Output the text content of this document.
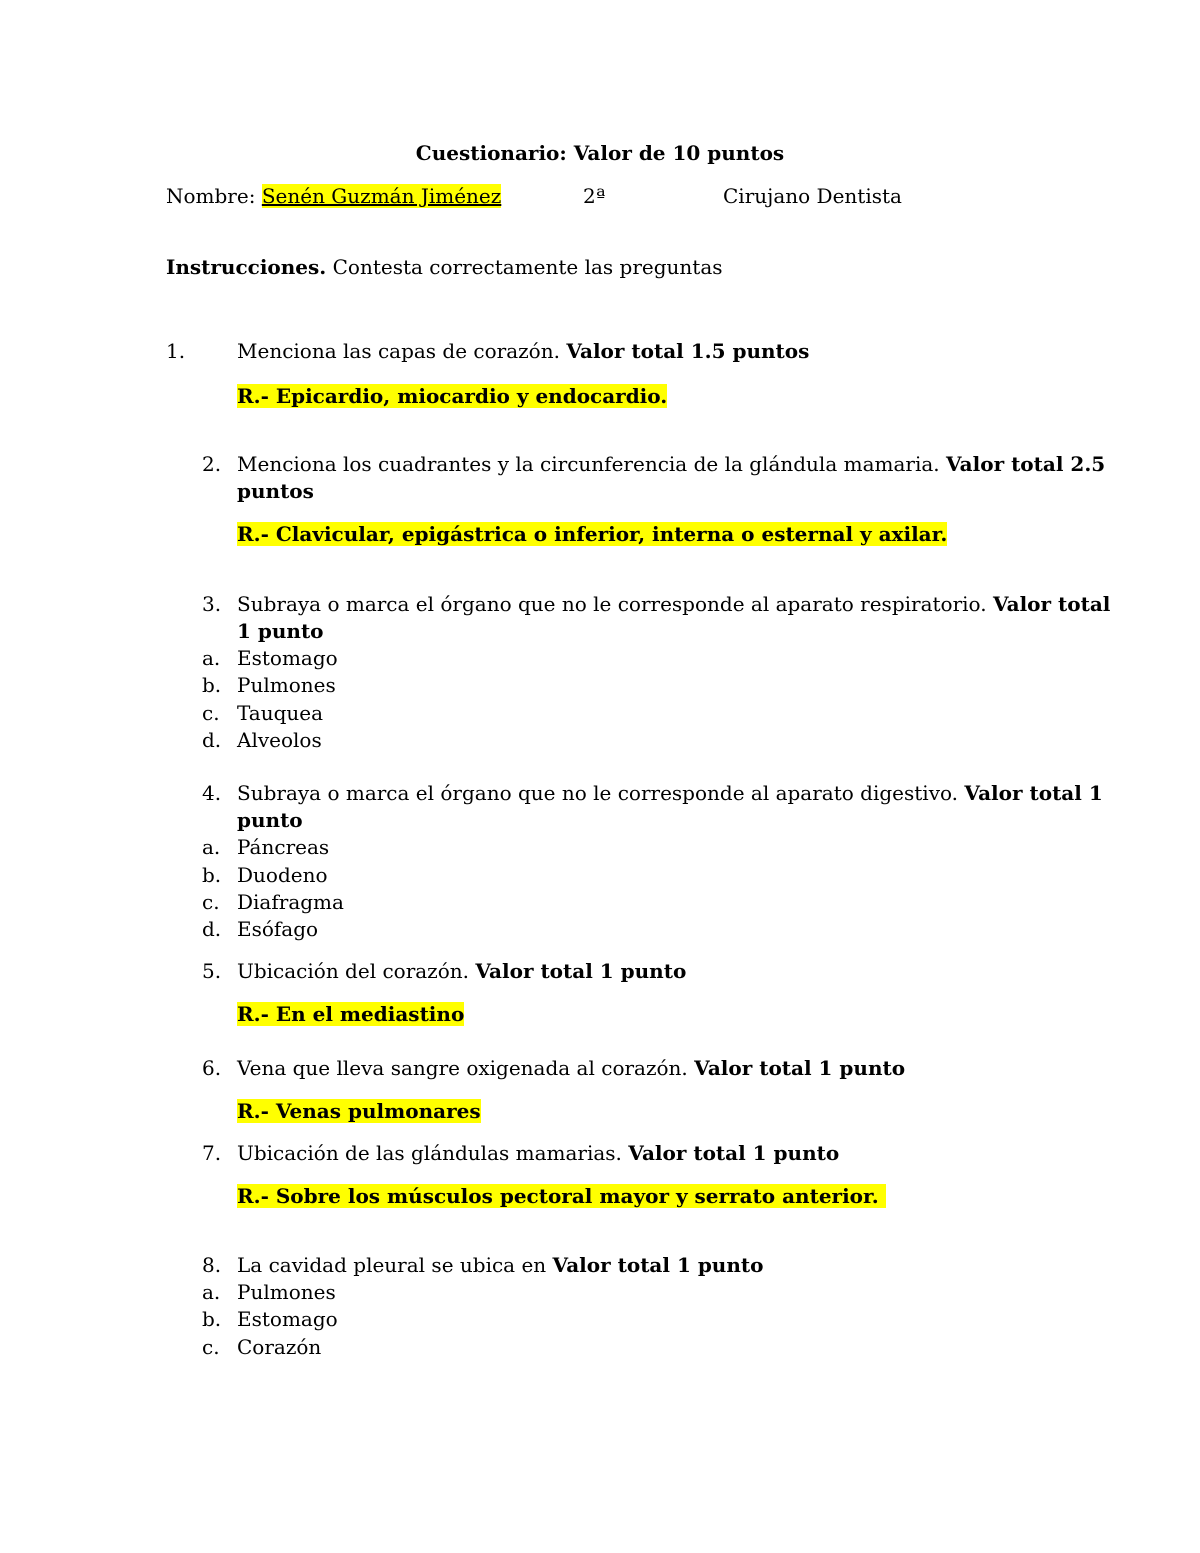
Cuestionario: Valor de 10 puntos
Nombre: Senén Guzmán Jiménez	2ª	Cirujano Dentista
Instrucciones. Contesta correctamente las preguntas
1.	Menciona las capas de corazón. Valor total 1.5 puntos
R.- Epicardio, miocardio y endocardio.
2. Menciona los cuadrantes y la circunferencia de la glándula mamaria. Valor total 2.5
puntos
R.- Clavicular, epigástrica o inferior, interna o esternal y axilar.
3. Subraya o marca el órgano que no le corresponde al aparato respiratorio. Valor total
1 punto
a. Estomago
b. Pulmones
c. Tauquea
d. Alveolos
4. Subraya o marca el órgano que no le corresponde al aparato digestivo. Valor total 1
punto
a. Páncreas
b. Duodeno
c. Diafragma
d. Esófago
5. Ubicación del corazón. Valor total 1 punto
R.- En el mediastino
6. Vena que lleva sangre oxigenada al corazón. Valor total 1 punto
R.- Venas pulmonares
7. Ubicación de las glándulas mamarias. Valor total 1 punto
R.- Sobre los músculos pectoral mayor y serrato anterior.
8. La cavidad pleural se ubica en Valor total 1 punto
a. Pulmones
b. Estomago
c. Corazón
